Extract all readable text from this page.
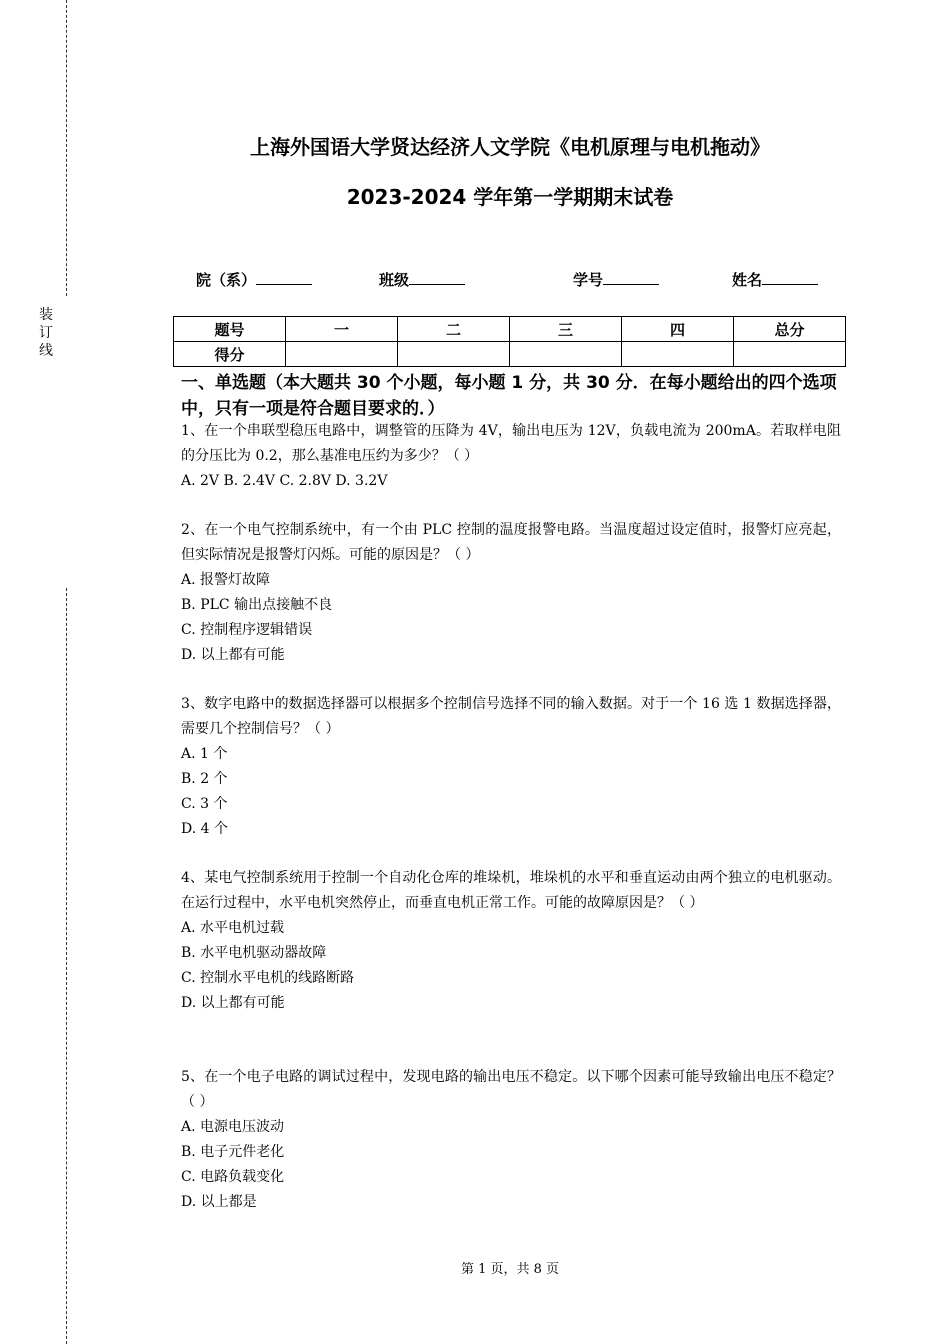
装
订
线
上海外国语大学贤达经济人文学院《电机原理与电机拖动》
2023-2024 学年第一学期期末试卷
院（系）	班级	学号	姓名
题号	一	二	三	四	总分
得分					
一、单选题（本大题共 30 个小题，每小题 1 分，共 30 分．在每小题给出的四个选项中，只有一项是符合题目要求的．）

1、在一个串联型稳压电路中，调整管的压降为 4V，输出电压为 12V，负载电流为 200mA。若取样电阻的分压比为 0.2，那么基准电压约为多少？（ ）

A. 2V B. 2.4V C. 2.8V D. 3.2V

2、在一个电气控制系统中，有一个由 PLC 控制的温度报警电路。当温度超过设定值时，报警灯应亮起，但实际情况是报警灯闪烁。可能的原因是？（ ）

A. 报警灯故障

B. PLC 输出点接触不良

C. 控制程序逻辑错误

D. 以上都有可能

3、数字电路中的数据选择器可以根据多个控制信号选择不同的输入数据。对于一个 16 选 1 数据选择器，需要几个控制信号？（ ）

A. 1 个

B. 2 个

C. 3 个

D. 4 个

4、某电气控制系统用于控制一个自动化仓库的堆垛机，堆垛机的水平和垂直运动由两个独立的电机驱动。在运行过程中，水平电机突然停止，而垂直电机正常工作。可能的故障原因是？（ ）

A. 水平电机过载

B. 水平电机驱动器故障

C. 控制水平电机的线路断路

D. 以上都有可能

5、在一个电子电路的调试过程中，发现电路的输出电压不稳定。以下哪个因素可能导致输出电压不稳定？（ ）

A. 电源电压波动

B. 电子元件老化

C. 电路负载变化

D. 以上都是

第 1 页，共 8 页
